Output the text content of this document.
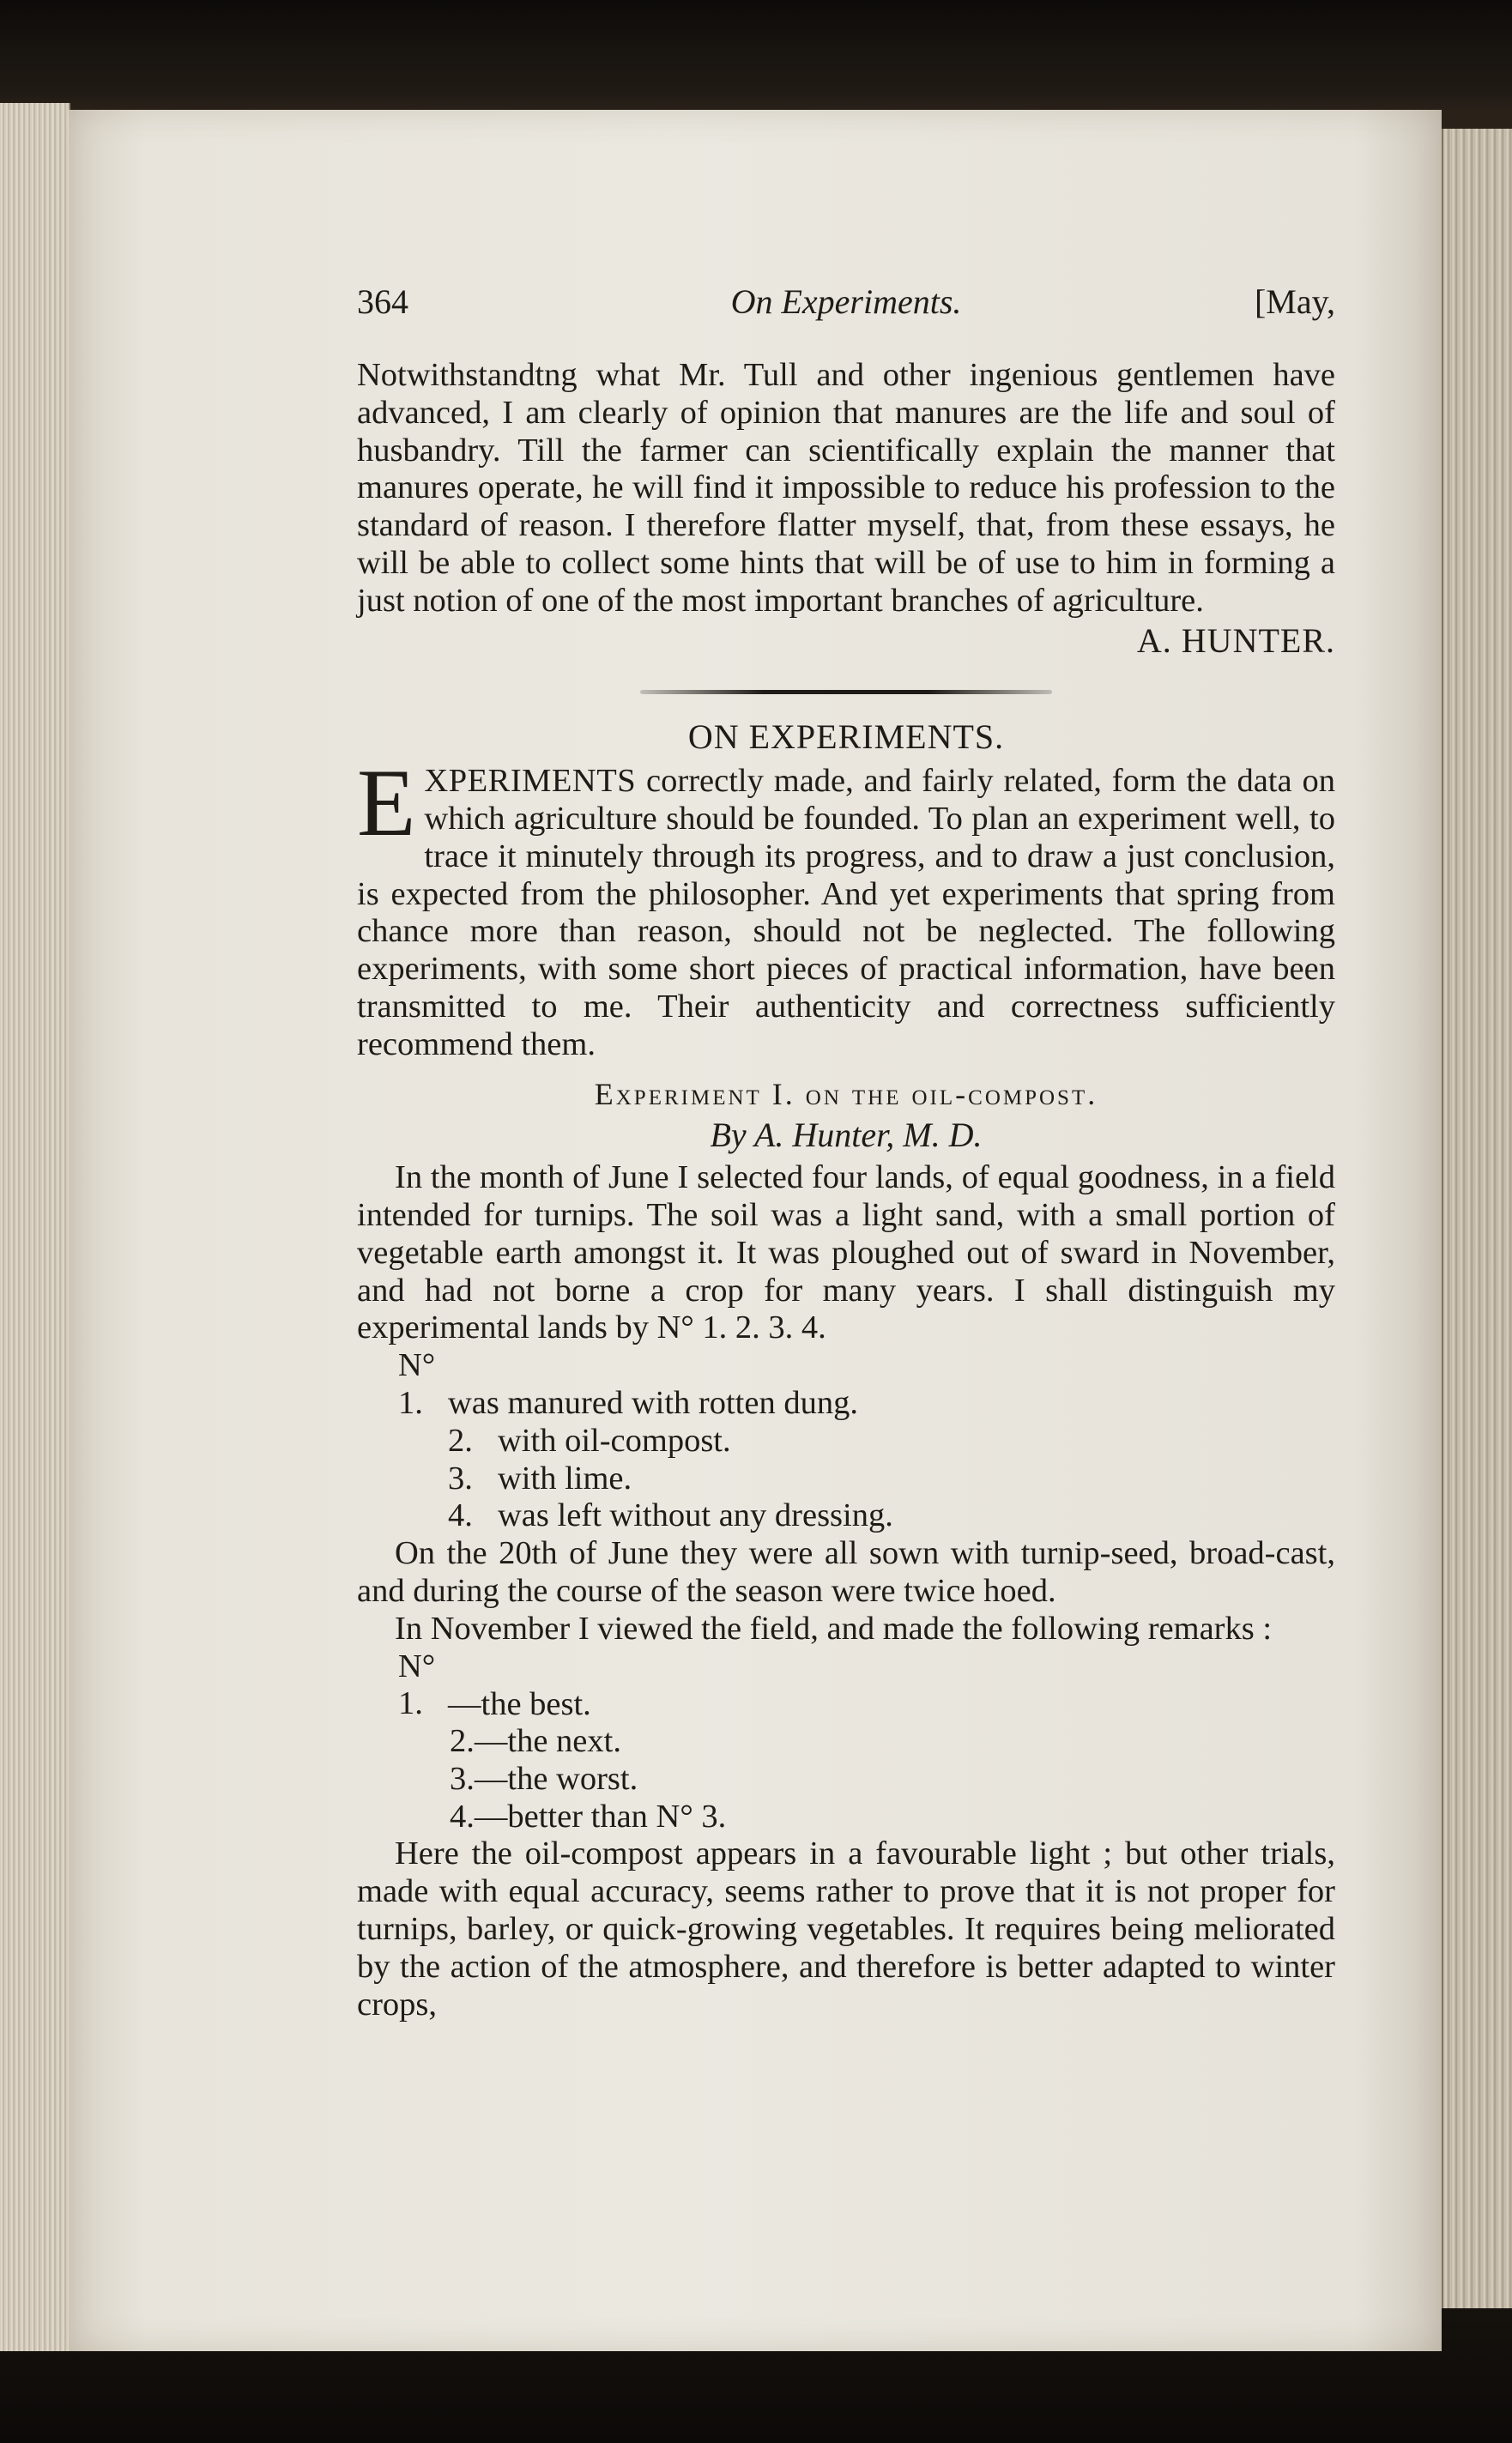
364	On Experiments.	[May,

Notwithstandtng what Mr. Tull and other ingenious gentlemen have advanced, I am clearly of opinion that manures are the life and soul of husbandry. Till the farmer can scientifically explain the manner that manures operate, he will find it impossible to reduce his profession to the standard of reason. I therefore flatter myself, that, from these essays, he will be able to collect some hints that will be of use to him in forming a just notion of one of the most important branches of agriculture.

A. HUNTER.
ON EXPERIMENTS.

EXPERIMENTS correctly made, and fairly related, form the data on which agriculture should be founded. To plan an experiment well, to trace it minutely through its progress, and to draw a just conclusion, is expected from the philosopher. And yet experiments that spring from chance more than reason, should not be neglected. The following experiments, with some short pieces of practical information, have been transmitted to me. Their authenticity and correctness sufficiently recommend them.

Experiment I. on the oil-compost.
By A. Hunter, M. D.

In the month of June I selected four lands, of equal goodness, in a field intended for turnips. The soil was a light sand, with a small portion of vegetable earth amongst it. It was ploughed out of sward in November, and had not borne a crop for many years. I shall distinguish my experimental lands by N° 1. 2. 3. 4.

N° 1. was manured with rotten dung.
2. with oil-compost.
3. with lime.
4. was left without any dressing.

On the 20th of June they were all sown with turnip-seed, broad-cast, and during the course of the season were twice hoed.

In November I viewed the field, and made the following remarks :

N° 1. —the best.
2.—the next.
3.—the worst.
4.—better than N° 3.

Here the oil-compost appears in a favourable light ; but other trials, made with equal accuracy, seems rather to prove that it is not proper for turnips, barley, or quick-growing vegetables. It requires being meliorated by the action of the atmosphere, and therefore is better adapted to winter crops,
